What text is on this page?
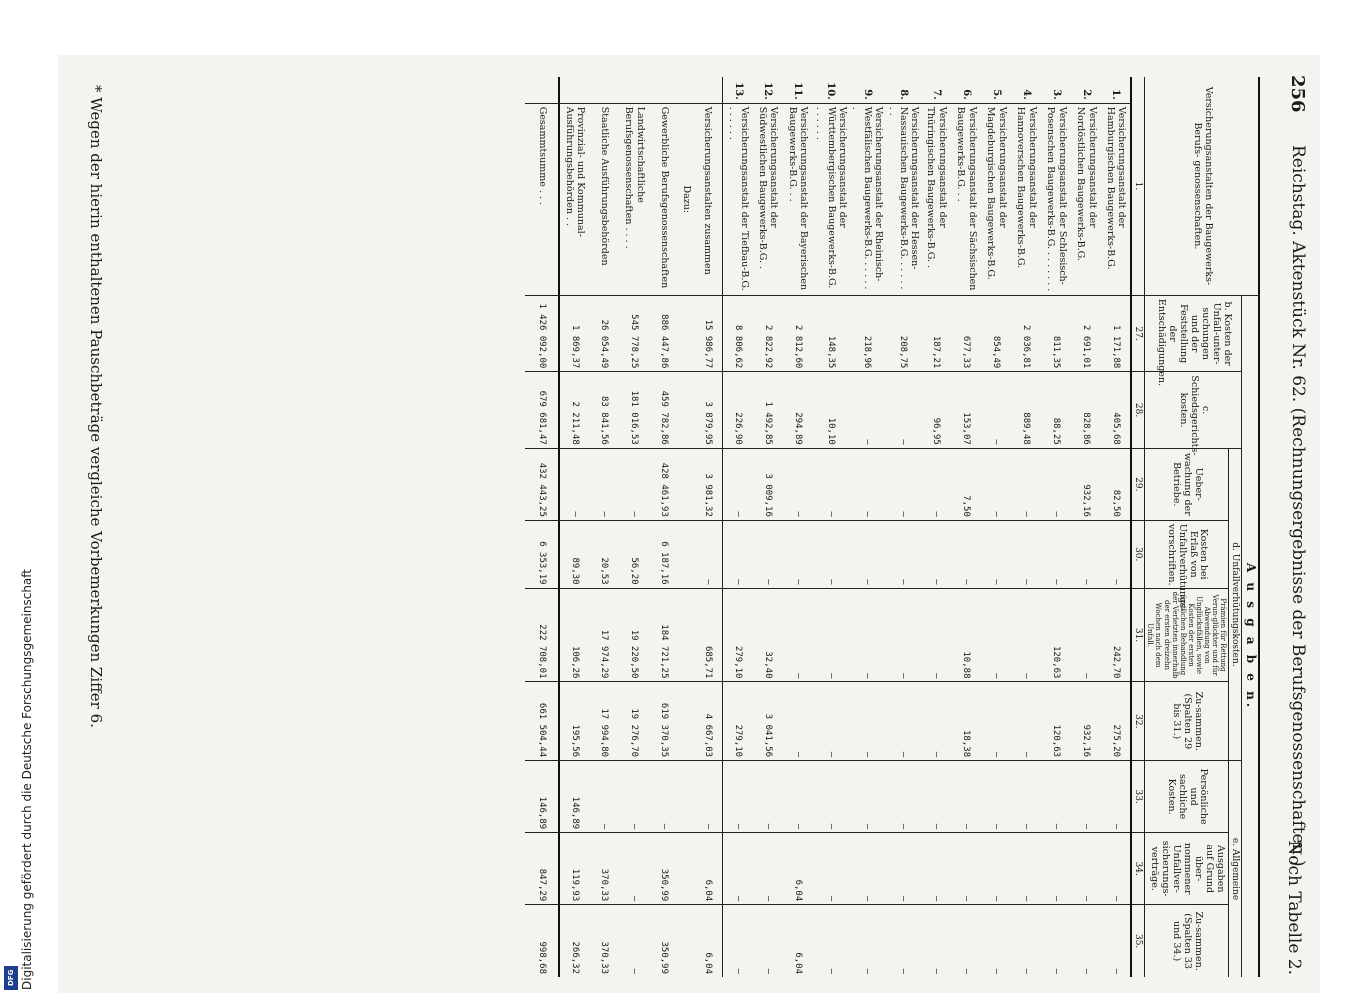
256
Reichstag. Aktenstück Nr. 62. (Rechnungsergebnisse der Berufsgenossenschaften.)
Noch Tabelle 2.
Versicherungsanstalten der Baugewerks-Berufs- genossenschaften.		A u s g a b e n.								
		b. Kosten der Unfall-unter-suchungen und der Feststellung der Entschädigungen.	c. Schiedsgerichts-kosten.	d. Unfallverhütungskosten.				e. Allgemeine		
				Ueber-wachung der Betriebe.	Kosten bei Erlaß von Unfallverhütungs-vorschriften.	Prämien für Rettung Verun-glückter und für Abwendung von Unglücksfällen, sowie Kosten der ersten ärztlichen Behandlung der Verletzten innerhalb der ersten dreizehn Wochen nach dem Unfall.	Zu-sammen. (Spalten 29 bis 31.)	Persönliche und sachliche Kosten.	Ausgaben auf Grund über-nommener Unfallver-sicherungs-verträge.	Zu-sammen. (Spalten 33 und 34.)
1.		27.	28.	29.	30.	31.	32.	33.	34.	35.
1.	Versicherungsanstalt der Hamburgischen Baugewerks-B.G.	1 171,88	405,68	82,50	—	242,70	275,20	—	—	—
2.	Versicherungsanstalt der Nordöstlichen Baugewerks-B.G.	2 691,01	828,86	932,16	—	—	932,16	—	—	—
3.	Versicherungsanstalt der Schlesisch-Posenschen Baugewerks-B.G. . . . . . . .	811,35	88,25	—	—	120,63	120,63	—	—	—
4.	Versicherungsanstalt der Hannoverschen Baugewerks-B.G.	2 036,81	889,48	—	—	—	—	—	—	—
5.	Versicherungsanstalt der Magdeburgischen Baugewerks-B.G.	854,49	—	—	—	—	—	—	—	—
6.	Versicherungsanstalt der Sächsischen Baugewerks-B.G. . .	677,33	153,07	7,50	—	10,88	18,38	—	—	—
7.	Versicherungsanstalt der Thüringischen Baugewerks-B.G. .	187,21	96,95	—	—	—	—	—	—	—
8.	Versicherungsanstalt der Hessen-Nassauischen Baugewerks-B.G. . . . . . . .	208,75	—	—	—	—	—	—	—	—
9.	Versicherungsanstalt der Rheinisch-Westfälischen Baugewerks-B.G. . . . . . .	218,96	—	—	—	—	—	—	—	—
10.	Versicherungsanstalt der Württembergischen Baugewerks-B.G. . . . . . .	148,35	10,10	—	—	—	—	—	—	—
11.	Versicherungsanstalt der Bayerischen Baugewerks-B.G. . .	2 812,60	294,89	—	—	—	—	—	6,04	6,04
12.	Versicherungsanstalt der Südwestlichen Baugewerks-B.G. .	2 822,92	1 492,85	3 009,16	—	32,40	3 041,56	—	—	—
13.	Versicherungsanstalt der Tiefbau-B.G. . . . . . .	8 806,62	226,90	—	—	279,10	279,10	—	—	—
	Versicherungsanstalten zusammen	15 986,77	3 879,95	3 981,32	—	685,71	4 667,03	—	6,04	6,04
	Dazu:									
	Gewerbliche Berufsgenossenschaften	886 447,86	459 782,86	428 461,93	6 187,16	184 721,25	619 370,35	—	350,99	350,99
	Landwirtschaftliche Berufsgenossenschaften . . . .	545 778,25	181 016,53	—	56,20	19 220,50	19 276,70	—	—	—
	Staatliche Ausführungsbehörden	26 054,49	83 841,56	—	20,53	17 974,29	17 994,80	—	370,33	370,33
	Provinzial- und Kommunal-Ausführungsbehörden . .	1 869,37	2 211,48	—	89,30	106,26	195,56	146,89	119,93	266,32
	Gesammtsumme . . .	1 426 092,00	679 681,47	432 443,25	6 353,19	222 708,01	661 504,44	146,89	847,29	998,68
* Wegen der hierin enthaltenen Pauschbeträge vergleiche Vorbemerkungen Ziffer 6.
DFG Digitalisierung gefördert durch die Deutsche Forschungsgemeinschaft
